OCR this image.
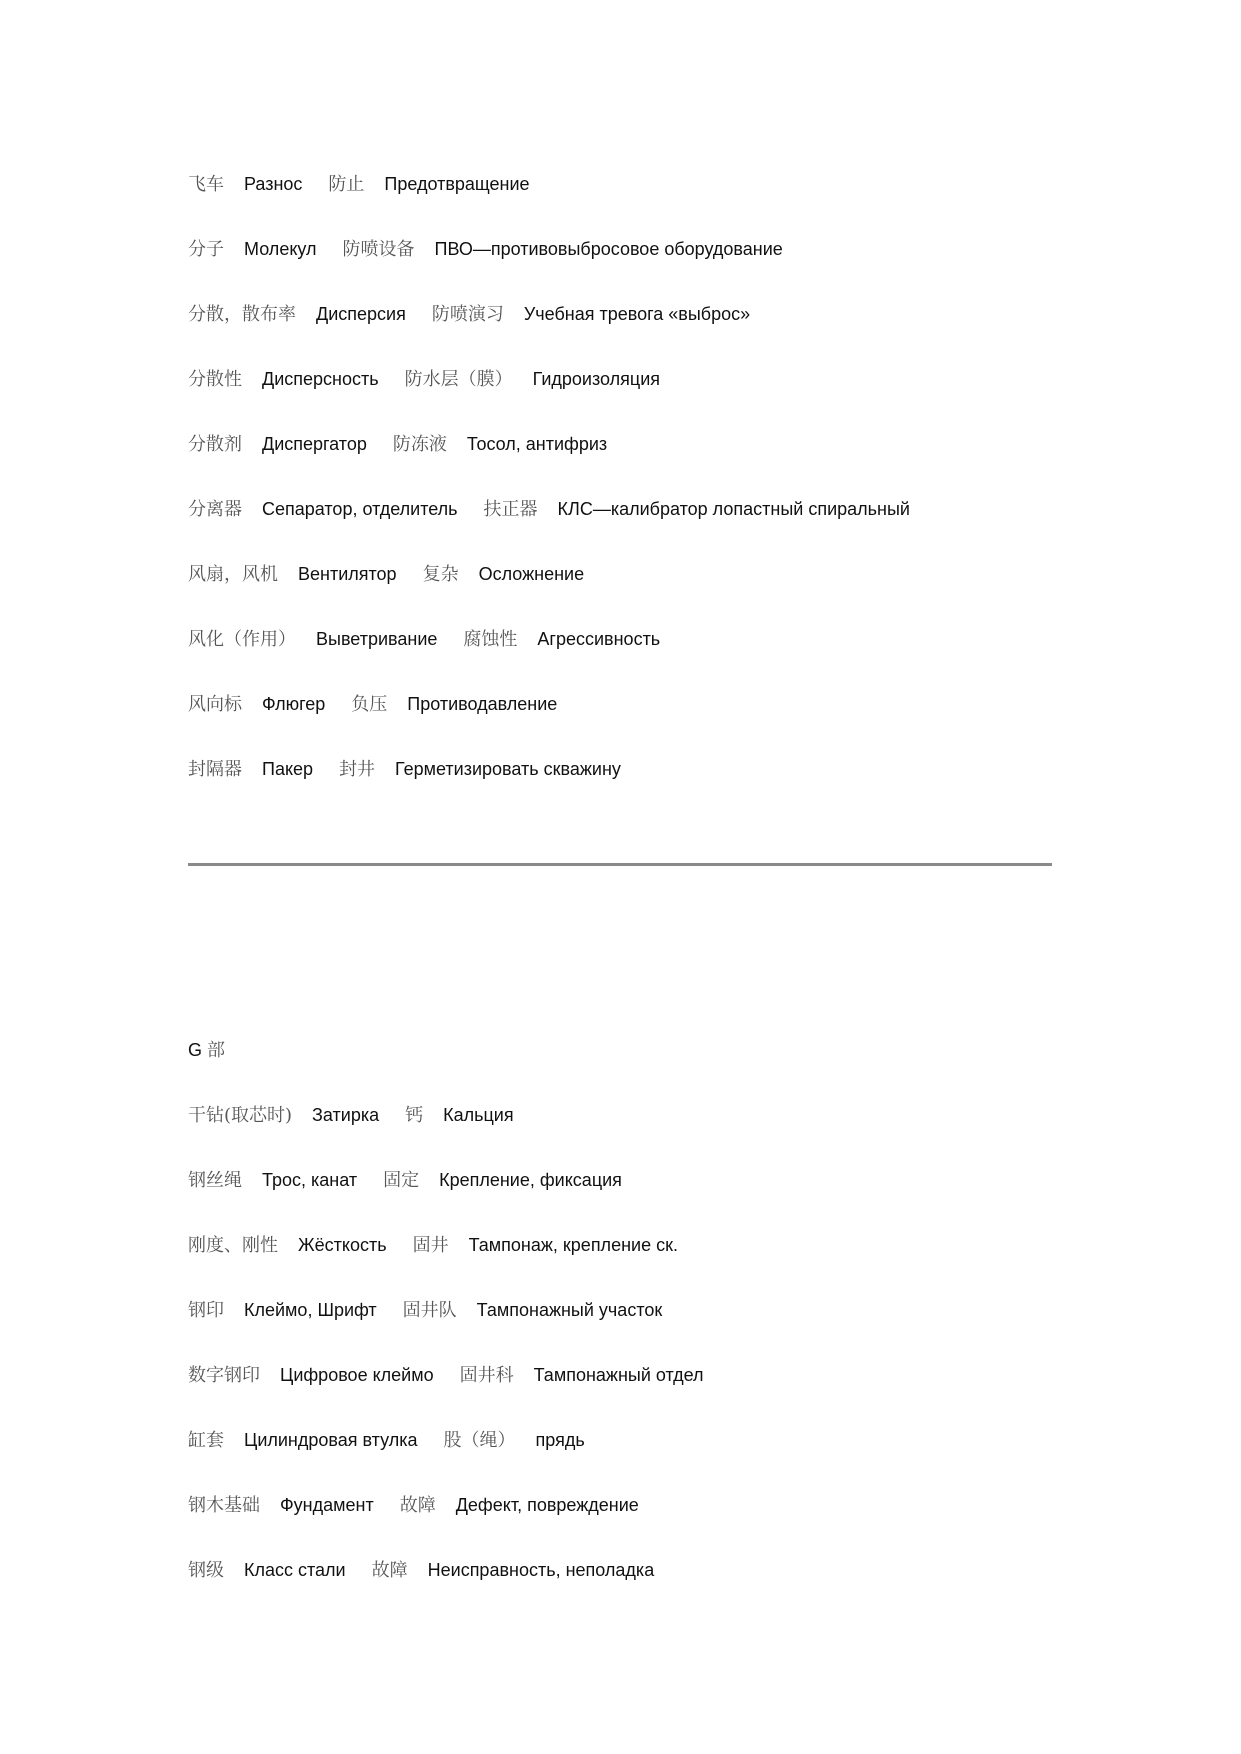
飞车 Разнос 防止 Предотвращение
分子 Молекул 防喷设备 ПВО—противовыбросовое оборудование
分散，散布率 Дисперсия 防喷演习 Учебная тревога «выброс»
分散性 Дисперсность 防水层（膜） Гидроизоляция
分散剂 Диспергатор 防冻液 Тосол, антифриз
分离器 Сепаратор, отделитель 扶正器 КЛС—калибратор лопастный спиральный
风扇，风机 Вентилятор 复杂 Осложнение
风化（作用） Выветривание 腐蚀性 Агрессивность
风向标 Флюгер 负压 Противодавление
封隔器 Пакер 封井 Герметизировать скважину
G 部
干钻(取芯时) Затирка 钙 Кальция
钢丝绳 Трос, канат 固定 Крепление, фиксация
刚度、刚性 Жёсткость 固井 Тампонаж, крепление ск.
钢印 Клеймо, Шрифт 固井队 Тампонажный участок
数字钢印 Цифровое клеймо 固井科 Тампонажный отдел
缸套 Цилиндровая втулка 股（绳） прядь
钢木基础 Фундамент 故障 Дефект, повреждение
钢级 Класс стали 故障 Неисправность, неполадка
